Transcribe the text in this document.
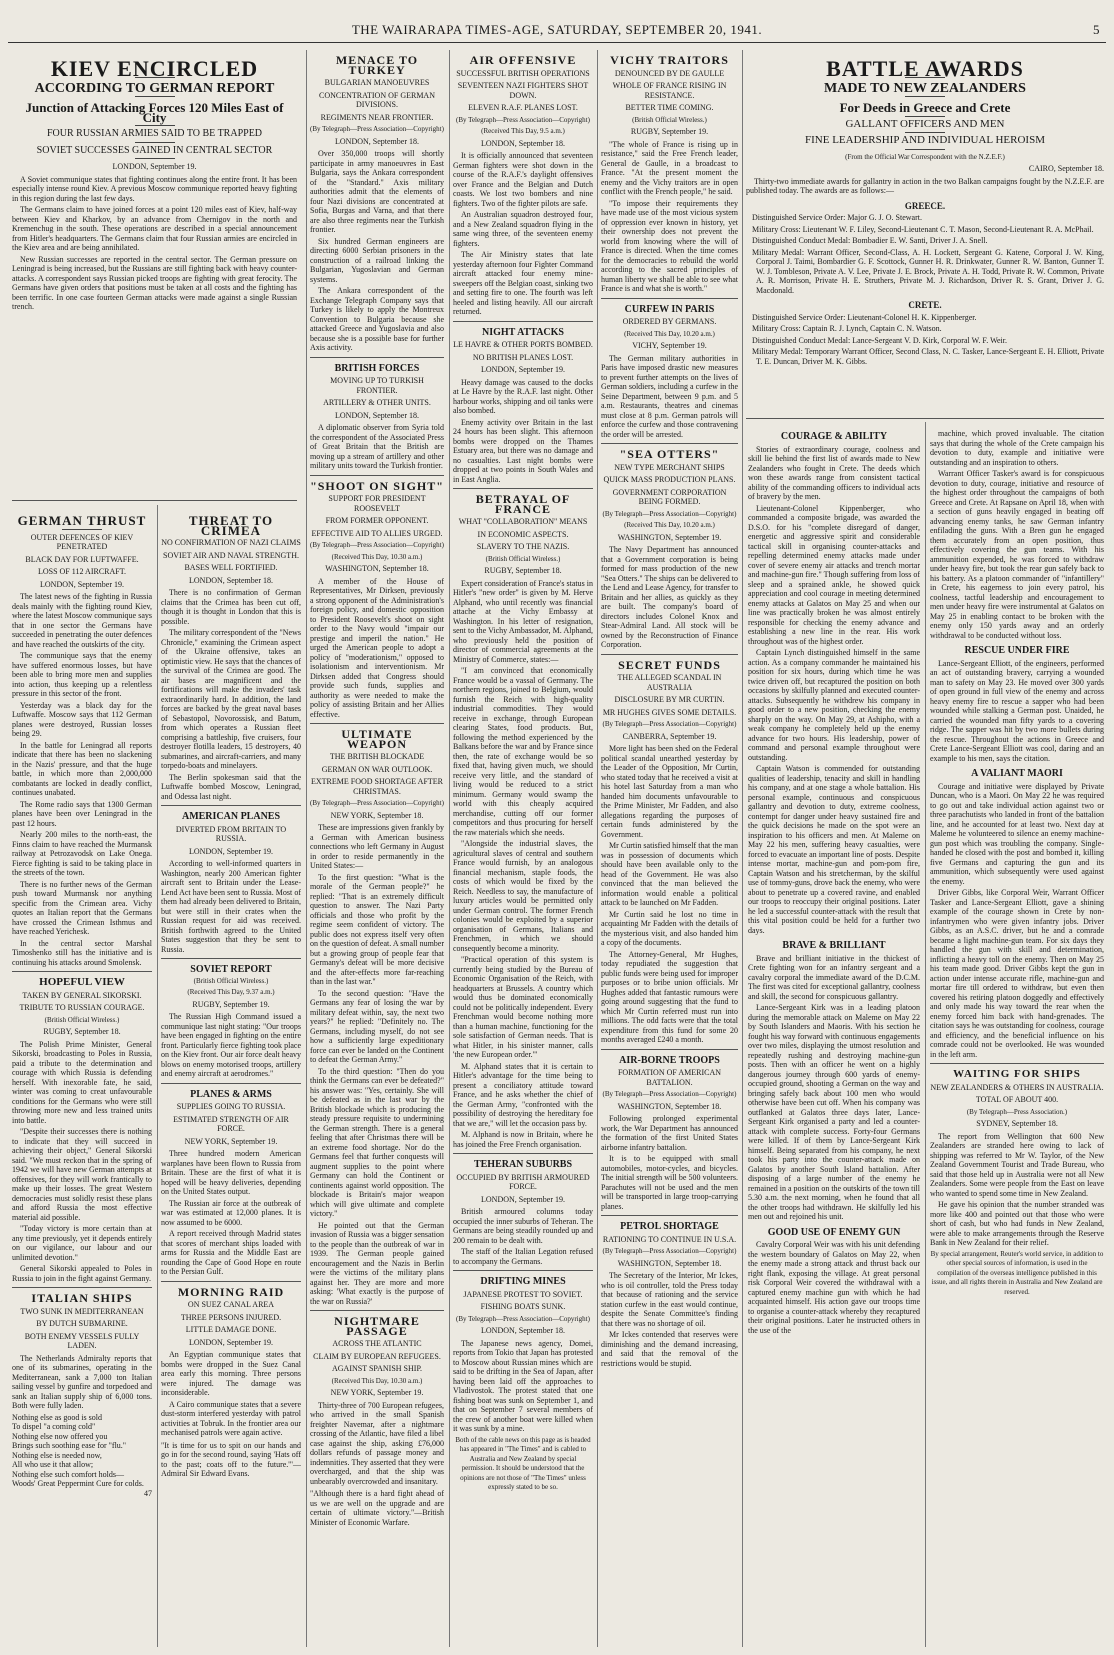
THE WAIRARAPA TIMES-AGE, SATURDAY, SEPTEMBER 20, 1941.	5
KIEV ENCIRCLED
ACCORDING TO GERMAN REPORT
Junction of Attacking Forces 120 Miles East of City
FOUR RUSSIAN ARMIES SAID TO BE TRAPPED
SOVIET SUCCESSES GAINED IN CENTRAL SECTOR
LONDON, September 19.

A Soviet communique states that fighting continues along the entire front. It has been especially intense round Kiev. A previous Moscow communique reported heavy fighting in this region during the last few days.

The Germans claim to have joined forces at a point 120 miles east of Kiev, half-way between Kiev and Kharkov, by an advance from Chernigov in the north and Kremenchug in the south. These operations are described in a special announcement from Hitler's headquarters. The Germans claim that four Russian armies are encircled in the Kiev area and are being annihilated.

New Russian successes are reported in the central sector. The German pressure on Leningrad is being increased, but the Russians are still fighting back with heavy counter-attacks. A correspondent says Russian picked troops are fighting with great ferocity. The Germans have given orders that positions must be taken at all costs and the fighting has been terrific. In one case fourteen German attacks were made against a single Russian trench.

GERMAN THRUST
OUTER DEFENCES OF KIEV PENETRATED
BLACK DAY FOR LUFTWAFFE.
LOSS OF 112 AIRCRAFT.
LONDON, September 19.

The latest news of the fighting in Russia deals mainly with the fighting round Kiev, where the latest Moscow communique says that in one sector the Germans have succeeded in penetrating the outer defences and have reached the outskirts of the city.

The communique says that the enemy have suffered enormous losses, but have been able to bring more men and supplies into action, thus keeping up a relentless pressure in this sector of the front.

Yesterday was a black day for the Luftwaffe. Moscow says that 112 German planes were destroyed, Russian losses being 29.

In the battle for Leningrad all reports indicate that there has been no slackening in the Nazis' pressure, and that the huge battle, in which more than 2,000,000 combatants are locked in deadly conflict, continues unabated.

The Rome radio says that 1300 German planes have been over Leningrad in the past 12 hours.

Nearly 200 miles to the north-east, the Finns claim to have reached the Murmansk railway at Petrozavodsk on Lake Onega. Fierce fighting is said to be taking place in the streets of the town.

There is no further news of the German push toward Murmansk nor anything specific from the Crimean area. Vichy quotes an Italian report that the Germans have crossed the Crimean Isthmus and have reached Yerichesk.

In the central sector Marshal Timoshenko still has the initiative and is continuing his attacks around Smolensk.

HOPEFUL VIEW
TAKEN BY GENERAL SIKORSKI.
TRIBUTE TO RUSSIAN COURAGE.
(British Official Wireless.)
RUGBY, September 18.

The Polish Prime Minister, General Sikorski, broadcasting to Poles in Russia, paid a tribute to the determination and courage with which Russia is defending herself. With inexorable fate, he said, winter was coming to creat unfavourable conditions for the Germans who were still throwing more new and less trained units into battle.

"Despite their successes there is nothing to indicate that they will succeed in achieving their object," General Sikorski said. "We must reckon that in the spring of 1942 we will have new German attempts at offensives, for they will work frantically to make up their losses. The great Western democracies must solidly resist these plans and afford Russia the most effective material aid possible.

"Today victory is more certain than at any time previously, yet it depends entirely on our vigilance, our labour and our unlimited devotion."

General Sikorski appealed to Poles in Russia to join in the fight against Germany.

ITALIAN SHIPS
TWO SUNK IN MEDITERRANEAN
BY DUTCH SUBMARINE.
BOTH ENEMY VESSELS FULLY LADEN.

The Netherlands Admiralty reports that one of its submarines, operating in the Mediterranean, sank a 7,000 ton Italian sailing vessel by gunfire and torpedoed and sank an Italian supply ship of 6,000 tons. Both were fully laden.

Nothing else as good is sold
To dispel "a coming cold"
Nothing else now offered you
Brings such soothing ease for "flu."
Nothing else is needed now,
All who use it that allow;
Nothing else such comfort holds—
Woods' Great Peppermint Cure for colds.
47
THREAT TO CRIMEA
NO CONFIRMATION OF NAZI CLAIMS
SOVIET AIR AND NAVAL STRENGTH.
BASES WELL FORTIFIED.
LONDON, September 18.

There is no confirmation of German claims that the Crimea has been cut off, though it is thought in London that this is possible.

The military correspondent of the "News Chronicle," examining the Crimean aspect of the Ukraine offensive, takes an optimistic view. He says that the chances of the survival of the Crimea are good. The air bases are magnificent and the fortifications will make the invaders' task extraordinarily hard. In addition, the land forces are backed by the great naval bases of Sebastopol, Novorossisk, and Batum, from which operates a Russian fleet comprising a battleship, five cruisers, four destroyer flotilla leaders, 15 destroyers, 40 submarines, and aircraft-carriers, and many torpedo-boats and minelayers.

The Berlin spokesman said that the Luftwaffe bombed Moscow, Leningrad, and Odessa last night.

AMERICAN PLANES
DIVERTED FROM BRITAIN TO RUSSIA.
LONDON, September 19.

According to well-informed quarters in Washington, nearly 200 American fighter aircraft sent to Britain under the Lease-Lend Act have been sent to Russia. Most of them had already been delivered to Britain, but were still in their crates when the Russian request for aid was received. British forthwith agreed to the United States suggestion that they be sent to Russia.

SOVIET REPORT
(British Official Wireless.)
(Received This Day, 9.37 a.m.)
RUGBY, September 19.

The Russian High Command issued a communique last night stating: "Our troops have been engaged in fighting on the entire front. Particularly fierce fighting took place on the Kiev front. Our air force dealt heavy blows on enemy motorised troops, artillery and enemy aircraft at aerodromes."

PLANES & ARMS
SUPPLIES GOING TO RUSSIA.
ESTIMATED STRENGTH OF AIR FORCE.
NEW YORK, September 19.

Three hundred modern American warplanes have been flown to Russia from Britain. These are the first of what it is hoped will be heavy deliveries, depending on the United States output.

The Russian air force at the outbreak of war was estimated at 12,000 planes. It is now assumed to be 6000.

A report received through Madrid states that scores of merchant ships loaded with arms for Russia and the Middle East are rounding the Cape of Good Hope en route to the Persian Gulf.

MORNING RAID
ON SUEZ CANAL AREA
THREE PERSONS INJURED.
LITTLE DAMAGE DONE.
LONDON, September 19.

An Egyptian communique states that bombs were dropped in the Suez Canal area early this morning. Three persons were injured. The damage was inconsiderable.

A Cairo communique states that a severe dust-storm interfered yesterday with patrol activities at Tobruk. In the frontier area our mechanised patrols were again active.

"It is time for us to spit on our hands and go in for the second round, saying 'Hats off to the past; coats off to the future.'"—Admiral Sir Edward Evans.
MENACE TO TURKEY
BULGARIAN MANOEUVRES
CONCENTRATION OF GERMAN DIVISIONS.
REGIMENTS NEAR FRONTIER.
(By Telegraph—Press Association—Copyright)
LONDON, September 18.

Over 350,000 troops will shortly participate in army manoeuvres in East Bulgaria, says the Ankara correspondent of the "Standard." Axis military authorities admit that the elements of four Nazi divisions are concentrated at Sofia, Burgas and Varna, and that there are also three regiments near the Turkish frontier.

Six hundred German engineers are directing 6000 Serbian prisoners in the construction of a railroad linking the Bulgarian, Yugoslavian and German systems.

The Ankara correspondent of the Exchange Telegraph Company says that Turkey is likely to apply the Montreux Convention to Bulgaria because she attacked Greece and Yugoslavia and also because she is a possible base for further Axis activity.

BRITISH FORCES
MOVING UP TO TURKISH FRONTIER.
ARTILLERY & OTHER UNITS.
LONDON, September 18.

A diplomatic observer from Syria told the correspondent of the Associated Press of Great Britain that the British are moving up a stream of artillery and other military units toward the Turkish frontier.

"SHOOT ON SIGHT"
SUPPORT FOR PRESIDENT ROOSEVELT
FROM FORMER OPPONENT.
EFFECTIVE AID TO ALLIES URGED.
(By Telegraph—Press Association—Copyright)
(Received This Day, 10.30 a.m.)
WASHINGTON, September 18.

A member of the House of Representatives, Mr Dirksen, previously a strong opponent of the Administration's foreign policy, and domestic opposition to President Roosevelt's shoot on sight order to the Navy would "impair our prestige and imperil the nation." He urged the American people to adopt a policy of "moderationism," opposed to isolationism and interventionism. Mr Dirksen added that Congress should provide such funds, supplies and authority as were needed to make the policy of assisting Britain and her Allies effective.

ULTIMATE WEAPON
THE BRITISH BLOCKADE
GERMAN ON WAR OUTLOOK.
EXTREME FOOD SHORTAGE AFTER CHRISTMAS.
(By Telegraph—Press Association—Copyright)
NEW YORK, September 18.

These are impressions given frankly by a German with American business connections who left Germany in August in order to reside permanently in the United States:—

To the first question: "What is the morale of the German people?" he replied: "That is an extremely difficult question to answer. The Nazi Party officials and those who profit by the regime seem confident of victory. The public does not express itself very often on the question of defeat. A small number but a growing group of people fear that Germany's defeat will be more decisive and the after-effects more far-reaching than in the last war."

To the second question: "Have the Germans any fear of losing the war by military defeat within, say, the next two years?" he replied: "Definitely no. The Germans, including myself, do not see how a sufficiently large expeditionary force can ever be landed on the Continent to defeat the German Army."

To the third question: "Then do you think the Germans can ever be defeated?" his answer was: "Yes, certainly. She will be defeated as in the last war by the British blockade which is producing the steady pressure requisite to undermining the German strength. There is a general feeling that after Christmas there will be an extreme food shortage. Nor do the Germans feel that further conquests will augment supplies to the point where Germany can hold the Continent or continents against world opposition. The blockade is Britain's major weapon which will give ultimate and complete victory."

He pointed out that the German invasion of Russia was a bigger sensation to the people than the outbreak of war in 1939. The German people gained encouragement and the Nazis in Berlin were the victims of the military plans against her. They are more and more asking: 'What exactly is the purpose of the war on Russia?'

NIGHTMARE PASSAGE
ACROSS THE ATLANTIC
CLAIM BY EUROPEAN REFUGEES.
AGAINST SPANISH SHIP.
(Received This Day, 10.30 a.m.)
NEW YORK, September 19.

Thirty-three of 700 European refugees, who arrived in the small Spanish freighter Navemar, after a nightmare crossing of the Atlantic, have filed a libel case against the ship, asking £76,000 dollars refunds of passage money and indemnities. They asserted that they were overcharged, and that the ship was unbearably overcrowded and insanitary.

"Although there is a hard fight ahead of us we are well on the upgrade and are certain of ultimate victory."—British Minister of Economic Warfare.
AIR OFFENSIVE
SUCCESSFUL BRITISH OPERATIONS
SEVENTEEN NAZI FIGHTERS SHOT DOWN.
ELEVEN R.A.F. PLANES LOST.
(By Telegraph—Press Association—Copyright)
(Received This Day, 9.5 a.m.)
LONDON, September 18.

It is officially announced that seventeen German fighters were shot down in the course of the R.A.F.'s daylight offensives over France and the Belgian and Dutch coasts. We lost two bombers and nine fighters. Two of the fighter pilots are safe.

An Australian squadron destroyed four, and a New Zealand squadron flying in the same wing three, of the seventeen enemy fighters.

The Air Ministry states that late yesterday afternoon four Fighter Command aircraft attacked four enemy mine-sweepers off the Belgian coast, sinking two and setting fire to one. The fourth was left heeled and listing heavily. All our aircraft returned.

NIGHT ATTACKS
LE HAVRE & OTHER PORTS BOMBED.
NO BRITISH PLANES LOST.
LONDON, September 19.

Heavy damage was caused to the docks at Le Havre by the R.A.F. last night. Other harbour works, shipping and oil tanks were also bombed.

Enemy activity over Britain in the last 24 hours has been slight. This afternoon bombs were dropped on the Thames Estuary area, but there was no damage and no casualties. Last night bombs were dropped at two points in South Wales and in East Anglia.

BETRAYAL OF FRANCE
WHAT "COLLABORATION" MEANS
IN ECONOMIC ASPECTS.
SLAVERY TO THE NAZIS.
(British Official Wireless.)
RUGBY, September 18.

Expert consideration of France's status in Hitler's "new order" is given by M. Herve Alphand, who until recently was financial attache at the Vichy Embassy at Washington. In his letter of resignation, sent to the Vichy Ambassador, M. Alphand, who previously held the position of director of commercial agreements at the Ministry of Commerce, states:—

"I am convinced that economically France would be a vassal of Germany. The northern regions, joined to Belgium, would furnish the Reich with high-quality industrial commodities. They would receive in exchange, through European clearing States, food products. But, following the method experienced by the Balkans before the war and by France since then, the rate of exchange would be so fixed that, having given much, we should receive very little, and the standard of living would be reduced to a strict minimum. Germany would swamp the world with this cheaply acquired merchandise, cutting off our former competitors and thus procuring for herself the raw materials which she needs.

"Alongside the industrial slaves, the agricultural slaves of central and southern France would furnish, by an analogous financial mechanism, staple foods, the costs of which would be fixed by the Reich. Needless to say, the manufacture of luxury articles would be permitted only under German control. The former French colonies would be exploited by a superior organisation of Germans, Italians and Frenchmen, in which we should consequently become a minority.

"Practical operation of this system is currently being studied by the Bureau of Economic Organisation of the Reich, with headquarters at Brussels. A country which would thus be dominated economically could not be politically independent. Every Frenchman would become nothing more than a human machine, functioning for the sole satisfaction of German needs. That is what Hitler, in his sinister manner, calls 'the new European order.'"

M. Alphand states that it is certain to Hitler's advantage for the time being to present a conciliatory attitude toward France, and he asks whether the chief of the German Army, "confronted with the possibility of destroying the hereditary foe that we are," will let the occasion pass by.

M. Alphand is now in Britain, where he has joined the Free French organisation.

TEHERAN SUBURBS
OCCUPIED BY BRITISH ARMOURED FORCE.
LONDON, September 19.

British armoured columns today occupied the inner suburbs of Teheran. The Germans are being steadily rounded up and 200 remain to be dealt with.

The staff of the Italian Legation refused to accompany the Germans.

DRIFTING MINES
JAPANESE PROTEST TO SOVIET.
FISHING BOATS SUNK.
(By Telegraph—Press Association—Copyright)
LONDON, September 18.

The Japanese news agency, Domei, reports from Tokio that Japan has protested to Moscow about Russian mines which are said to be drifting in the Sea of Japan, after having been laid off the approaches to Vladivostok. The protest stated that one fishing boat was sunk on September 1, and that on September 7 several members of the crew of another boat were killed when it was sunk by a mine.

Both of the cable news on this page as is headed has appeared in "The Times" and is cabled to Australia and New Zealand by special permission. It should be understood that the opinions are not those of "The Times" unless expressly stated to be so.
VICHY TRAITORS
DENOUNCED BY DE GAULLE
WHOLE OF FRANCE RISING IN RESISTANCE.
BETTER TIME COMING.
(British Official Wireless.)
RUGBY, September 19.

"The whole of France is rising up in resistance," said the Free French leader, General de Gaulle, in a broadcast to France. "At the present moment the enemy and the Vichy traitors are in open conflict with the French people," he said.

"To impose their requirements they have made use of the most vicious system of oppression ever known in history, yet their ownership does not prevent the world from knowing where the will of France is directed. When the time comes for the democracies to rebuild the world according to the sacred principles of human liberty we shall be able to see what France is and what she is worth."

CURFEW IN PARIS
ORDERED BY GERMANS.
(Received This Day, 10.20 a.m.)
VICHY, September 19.

The German military authorities in Paris have imposed drastic new measures to prevent further attempts on the lives of German soldiers, including a curfew in the Seine Department, between 9 p.m. and 5 a.m. Restaurants, theatres and cinemas must close at 8 p.m. German patrols will enforce the curfew and those contravening the order will be arrested.

"SEA OTTERS"
NEW TYPE MERCHANT SHIPS
QUICK MASS PRODUCTION PLANS.
GOVERNMENT CORPORATION BEING FORMED.
(By Telegraph—Press Association—Copyright)
(Received This Day, 10.20 a.m.)
WASHINGTON, September 19.

The Navy Department has announced that a Government corporation is being formed for mass production of the new "Sea Otters." The ships can be delivered to the Lend and Lease Agency, for transfer to Britain and her allies, as quickly as they are built. The company's board of directors includes Colonel Knox and Stear-Admiral Land. All stock will be owned by the Reconstruction of Finance Corporation.

SECRET FUNDS
THE ALLEGED SCANDAL IN AUSTRALIA
DISCLOSURE BY MR CURTIN.
MR HUGHES GIVES SOME DETAILS.
(By Telegraph—Press Association—Copyright)
CANBERRA, September 19.

More light has been shed on the Federal political scandal unearthed yesterday by the Leader of the Opposition, Mr Curtin, who stated today that he received a visit at his hotel last Saturday from a man who handed him documents unfavourable to the Prime Minister, Mr Fadden, and also allegations regarding the purposes of certain funds administered by the Government.

Mr Curtin satisfied himself that the man was in possession of documents which should have been available only to the head of the Government. He was also convinced that the man believed the information would enable a political attack to be launched on Mr Fadden.

Mr Curtin said he lost no time in acquainting Mr Fadden with the details of the mysterious visit, and also handed him a copy of the documents.

The Attorney-General, Mr Hughes, today repudiated the suggestion that public funds were being used for improper purposes or to bribe union officials. Mr Hughes added that fantastic rumours were going around suggesting that the fund to which Mr Curtin referred must run into millions. The odd facts were that the total expenditure from this fund for some 20 months averaged £240 a month.

AIR-BORNE TROOPS
FORMATION OF AMERICAN BATTALION.
(By Telegraph—Press Association—Copyright)
WASHINGTON, September 18.

Following prolonged experimental work, the War Department has announced the formation of the first United States airborne infantry battalion.

It is to be equipped with small automobiles, motor-cycles, and bicycles. The initial strength will be 500 volunteers. Parachutes will not be used and the men will be transported in large troop-carrying planes.

PETROL SHORTAGE
RATIONING TO CONTINUE IN U.S.A.
(By Telegraph—Press Association—Copyright)
WASHINGTON, September 18.

The Secretary of the Interior, Mr Ickes, who is oil controller, told the Press today that because of rationing and the service station curfew in the east would continue, despite the Senate Committee's finding that there was no shortage of oil.

Mr Ickes contended that reserves were diminishing and the demand increasing, and said that the removal of the restrictions would be stupid.

BATTLE AWARDS
MADE TO NEW ZEALANDERS
For Deeds in Greece and Crete
GALLANT OFFICERS AND MEN
FINE LEADERSHIP AND INDIVIDUAL HEROISM
(From the Official War Correspondent with the N.Z.E.F.)
CAIRO, September 18.

Thirty-two immediate awards for gallantry in action in the two Balkan campaigns fought by the N.Z.E.F. are published today. The awards are as follows:—

GREECE.
Distinguished Service Order: Major G. J. O. Stewart.
Military Cross: Lieutenant W. F. Liley, Second-Lieutenant C. T. Mason, Second-Lieutenant R. A. McPhail.
Distinguished Conduct Medal: Bombadier E. W. Santi, Driver J. A. Snell.
Military Medal: Warrant Officer, Second-Class, A. H. Lockett, Sergeant G. Katene, Corporal J. W. King, Corporal J. Taimi, Bombardier G. F. Scottock, Gunner H. R. Drinkwater, Gunner R. W. Banton, Gunner T. W. J. Tombleson, Private A. V. Lee, Private J. E. Brock, Private A. H. Todd, Private R. W. Common, Private A. R. Morrison, Private H. E. Struthers, Private M. J. Richardson, Driver R. S. Grant, Driver J. G. Macdonald.
CRETE.
Distinguished Service Order: Lieutenant-Colonel H. K. Kippenberger.
Military Cross: Captain R. J. Lynch, Captain C. N. Watson.
Distinguished Conduct Medal: Lance-Sergeant V. D. Kirk, Corporal W. F. Weir.
Military Medal: Temporary Warrant Officer, Second Class, N. C. Tasker, Lance-Sergeant E. H. Elliott, Private T. E. Duncan, Driver M. K. Gibbs.
COURAGE & ABILITY

Stories of extraordinary courage, coolness and skill lie behind the first list of awards made to New Zealanders who fought in Crete. The deeds which won these awards range from consistent tactical ability of the commanding officers to individual acts of bravery by the men.

Lieutenant-Colonel Kippenberger, who commanded a composite brigade, was awarded the D.S.O. for his "complete disregard of danger, energetic and aggressive spirit and considerable tactical skill in organising counter-attacks and repelling determined enemy attacks made under cover of severe enemy air attacks and trench mortar and machine-gun fire." Though suffering from loss of sleep and a sprained ankle, he showed quick appreciation and cool courage in meeting determined enemy attacks at Galatos on May 25 and when our line was practically broken he was almost entirely responsible for checking the enemy advance and establishing a new line in the rear. His work throughout was of the highest order.

Captain Lynch distinguished himself in the same action. As a company commander he maintained his position for six hours, during which time he was twice driven off, but recaptured the position on both occasions by skilfully planned and executed counter-attacks. Subsequently he withdrew his company in good order to a new position, checking the enemy sharply on the way. On May 29, at Ashipho, with a weak company he completely held up the enemy advance for two hours. His leadership, power of command and personal example throughout were outstanding.

Captain Watson is commended for outstanding qualities of leadership, tenacity and skill in handling his company, and at one stage a whole battalion. His personal example, continuous and conspicuous gallantry and devotion to duty, extreme coolness, contempt for danger under heavy sustained fire and the quick decisions he made on the spot were an inspiration to his officers and men. At Maleme on May 22 his men, suffering heavy casualties, were forced to evacuate an important line of posts. Despite intense mortar, machine-gun and pom-pom fire, Captain Watson and his stretcherman, by the skilful use of tommy-guns, drove back the enemy, who were about to penetrate up a covered ravine, and enabled our troops to reoccupy their original positions. Later he led a successful counter-attack with the result that this vital position could be held for a further two days.

BRAVE & BRILLIANT

Brave and brilliant initiative in the thickest of Crete fighting won for an infantry sergeant and a cavalry corporal the immediate award of the D.C.M. The first was cited for exceptional gallantry, coolness and skill, the second for conspicuous gallantry.

Lance-Sergeant Kirk was in a leading platoon during the memorable attack on Maleme on May 22 by South Islanders and Maoris. With his section he fought his way forward with continuous engagements over two miles, displaying the utmost resolution and repeatedly rushing and destroying machine-gun posts. Then with an officer he went on a highly dangerous journey through 600 yards of enemy-occupied ground, shooting a German on the way and bringing safely back about 100 men who would otherwise have been cut off. When his company was outflanked at Galatos three days later, Lance-Sergeant Kirk organised a party and led a counter-attack with complete success. Forty-four Germans were killed. If of them by Lance-Sergeant Kirk himself. Being separated from his company, he next took his party into the counter-attack made on Galatos by another South Island battalion. After disposing of a large number of the enemy he remained in a position on the outskirts of the town till 5.30 a.m. the next morning, when he found that all the other troops had withdrawn. He skilfully led his men out and rejoined his unit.

GOOD USE OF ENEMY GUN

Cavalry Corporal Weir was with his unit defending the western boundary of Galatos on May 22, when the enemy made a strong attack and thrust back our right flank, exposing the village. At great personal risk Corporal Weir covered the withdrawal with a captured enemy machine gun with which he had acquainted himself. His action gave our troops time to organise a counter-attack whereby they recaptured their original positions. Later he instructed others in the use of the

machine, which proved invaluable. The citation says that during the whole of the Crete campaign his devotion to duty, example and initiative were outstanding and an inspiration to others.

Warrant Officer Tasker's award is for conspicuous devotion to duty, courage, initiative and resource of the highest order throughout the campaigns of both Greece and Crete. At Rapsane on April 18, when with a section of guns heavily engaged in beating off advancing enemy tanks, he saw German infantry enfilading the guns. With a Bren gun he engaged them accurately from an open position, thus effectively covering the gun teams. With his ammunition expended, he was forced to withdraw under heavy fire, but took the rear gun safely back to his battery. As a platoon commander of "infantillery" in Crete, his eagerness to join every patrol, his coolness, tactful leadership and encouragement to men under heavy fire were instrumental at Galatos on May 25 in enabling contact to be broken with the enemy only 150 yards away and an orderly withdrawal to be conducted without loss.

RESCUE UNDER FIRE

Lance-Sergeant Elliott, of the engineers, performed an act of outstanding bravery, carrying a wounded man to safety on May 23. He moved over 300 yards of open ground in full view of the enemy and across heavy enemy fire to rescue a sapper who had been wounded while stalking a German post. Unaided, he carried the wounded man fifty yards to a covering ridge. The sapper was hit by two more bullets during the rescue. Throughout the actions in Greece and Crete Lance-Sergeant Elliott was cool, daring and an example to his men, says the citation.

A VALIANT MAORI

Courage and initiative were displayed by Private Duncan, who is a Maori. On May 22 he was required to go out and take individual action against two or three parachutists who landed in front of the battalion line, and he accounted for at least two. Next day at Maleme he volunteered to silence an enemy machine-gun post which was troubling the company. Single-handed he closed with the post and bombed it, killing five Germans and capturing the gun and its ammunition, which subsequently were used against the enemy.

Driver Gibbs, like Corporal Weir, Warrant Officer Tasker and Lance-Sergeant Elliott, gave a shining example of the courage shown in Crete by non-infantrymen who were given infantry jobs. Driver Gibbs, as an A.S.C. driver, but he and a comrade became a light machine-gun team. For six days they handled the gun with skill and determination, inflicting a heavy toll on the enemy. Then on May 25 his team made good. Driver Gibbs kept the gun in action under intense accurate rifle, machine-gun and mortar fire till ordered to withdraw, but even then covered his retiring platoon doggedly and effectively and only made his way toward the rear when the enemy forced him back with hand-grenades. The citation says he was outstanding for coolness, courage and efficiency, and the beneficial influence on his comrade could not be overlooked. He was wounded in the left arm.

WAITING FOR SHIPS
NEW ZEALANDERS & OTHERS IN AUSTRALIA.
TOTAL OF ABOUT 400.
(By Telegraph—Press Association.)
SYDNEY, September 18.

The report from Wellington that 600 New Zealanders are stranded here owing to lack of shipping was referred to Mr W. Taylor, of the New Zealand Government Tourist and Trade Bureau, who said that those held up in Australia were not all New Zealanders. Some were people from the East on leave who wanted to spend some time in New Zealand.

He gave his opinion that the number stranded was more like 400 and pointed out that those who were short of cash, but who had funds in New Zealand, were able to make arrangements through the Reserve Bank in New Zealand for their relief.

By special arrangement, Reuter's world service, in addition to other special sources of information, is used in the compilation of the overseas intelligence published in this issue, and all rights therein in Australia and New Zealand are reserved.
